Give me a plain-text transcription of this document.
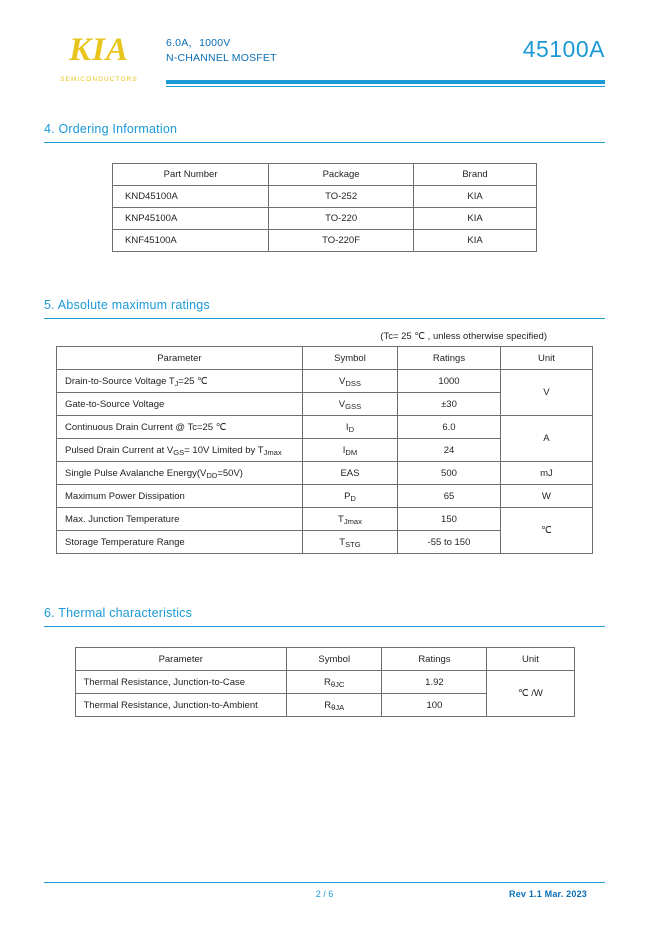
KIA
SEMICONDUCTORS
6.0A，1000V
N-CHANNEL MOSFET	45100A
4. Ordering Information
Part Number	Package	Brand
KND45100A	TO-252	KIA
KNP45100A	TO-220	KIA
KNF45100A	TO-220F	KIA
5. Absolute maximum ratings
(Tc= 25 ℃ , unless otherwise specified)
Parameter	Symbol	Ratings	Unit
Drain-to-Source Voltage $T_J=25$ ℃	$V_{DSS}$	1000	V
Gate-to-Source Voltage	$V_{GSS}$	±30	
Continuous Drain Current @ Tc=25 ℃	$I_D$	6.0	A
Pulsed Drain Current at $V_{GS}= 10V$ Limited by $T_{Jmax}$	$I_{DM}$	24	
Single Pulse Avalanche $Energy(V_{DD}=50V)$	EAS	500	mJ
Maximum Power Dissipation	$P_D$	65	W
Max. Junction Temperature	$T_{Jmax}$	150	℃
Storage Temperature Range	$T_{STG}$	-55 to 150	
6. Thermal characteristics
Parameter	Symbol	Ratings	Unit
Thermal Resistance, Junction-to-Case	$R_{\theta JC}$	1.92	℃ /W
Thermal Resistance, Junction-to-Ambient	$R_{\theta JA}$	100	
2 / 6	Rev 1.1 Mar. 2023
